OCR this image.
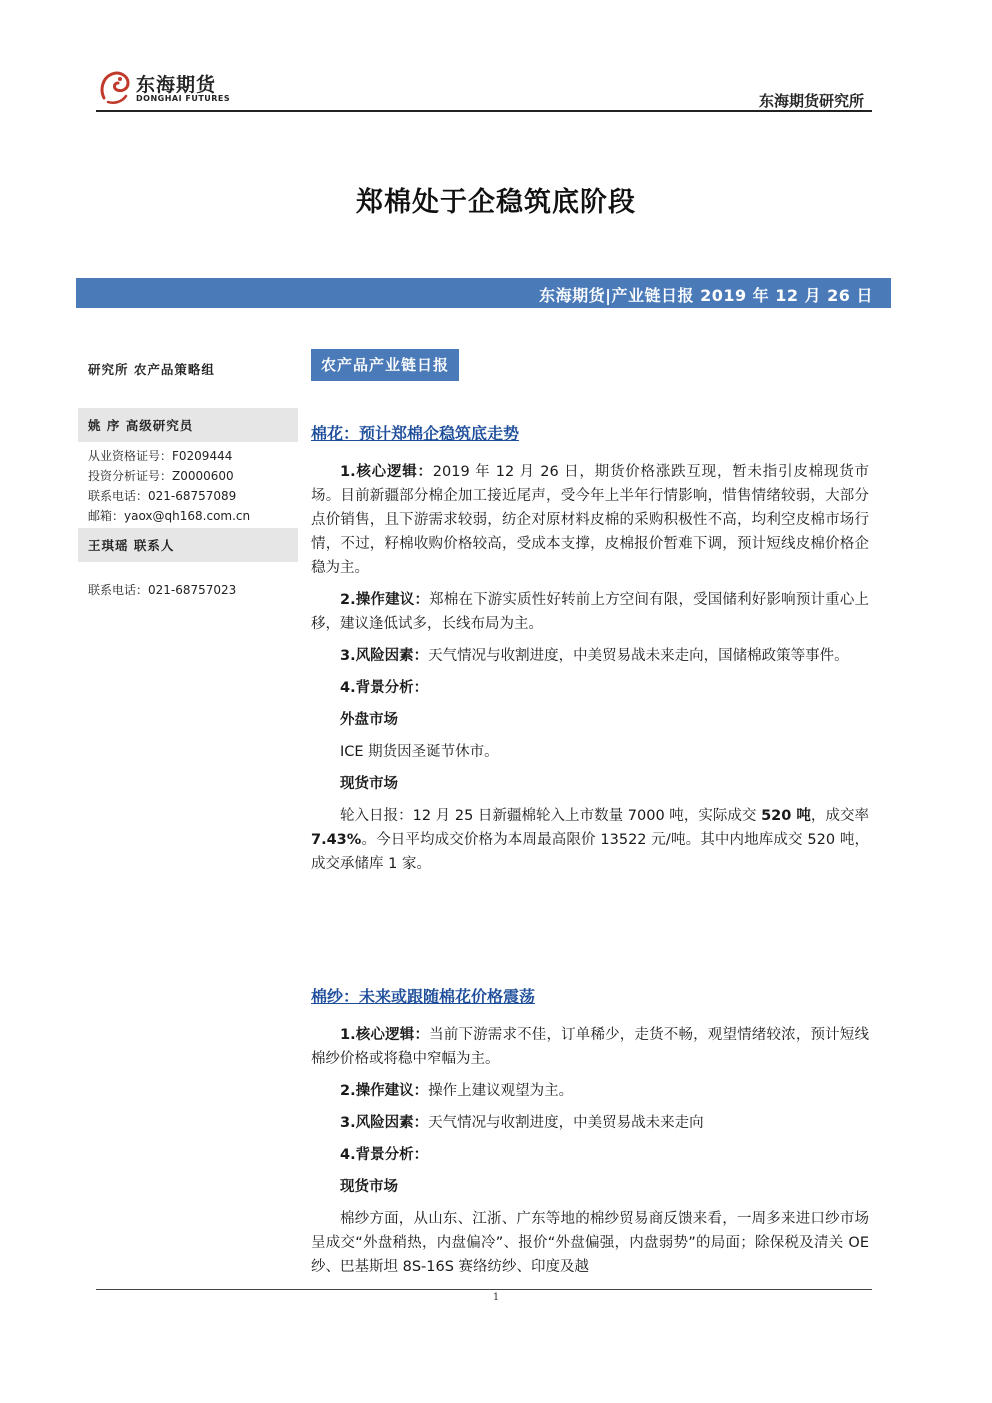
东海期货
DONGHAI FUTURES	东海期货研究所
郑棉处于企稳筑底阶段
东海期货|产业链日报 2019 年 12 月 26 日
研究所 农产品策略组
姚 序 高级研究员
从业资格证号：F0209444
投资分析证号：Z0000600
联系电话：021-68757089
邮箱：yaox@qh168.com.cn
王琪瑶 联系人
联系电话：021-68757023
农产品产业链日报
棉花：预计郑棉企稳筑底走势
1.核心逻辑：2019 年 12 月 26 日，期货价格涨跌互现，暂未指引皮棉现货市场。目前新疆部分棉企加工接近尾声，受今年上半年行情影响，惜售情绪较弱，大部分点价销售，且下游需求较弱，纺企对原材料皮棉的采购积极性不高，均利空皮棉市场行情，不过，籽棉收购价格较高，受成本支撑，皮棉报价暂难下调，预计短线皮棉价格企稳为主。
2.操作建议：郑棉在下游实质性好转前上方空间有限，受国储利好影响预计重心上移，建议逢低试多，长线布局为主。
3.风险因素：天气情况与收割进度，中美贸易战未来走向，国储棉政策等事件。
4.背景分析：
外盘市场
ICE 期货因圣诞节休市。
现货市场
轮入日报：12 月 25 日新疆棉轮入上市数量 7000 吨，实际成交 520 吨，成交率 7.43%。今日平均成交价格为本周最高限价 13522 元/吨。其中内地库成交 520 吨，成交承储库 1 家。
棉纱：未来或跟随棉花价格震荡
1.核心逻辑：当前下游需求不佳，订单稀少，走货不畅，观望情绪较浓，预计短线棉纱价格或将稳中窄幅为主。
2.操作建议：操作上建议观望为主。
3.风险因素：天气情况与收割进度，中美贸易战未来走向
4.背景分析：
现货市场
棉纱方面，从山东、江浙、广东等地的棉纱贸易商反馈来看，一周多来进口纱市场呈成交“外盘稍热，内盘偏冷”、报价“外盘偏强，内盘弱势”的局面；除保税及清关 OE 纱、巴基斯坦 8S-16S 赛络纺纱、印度及越
1
